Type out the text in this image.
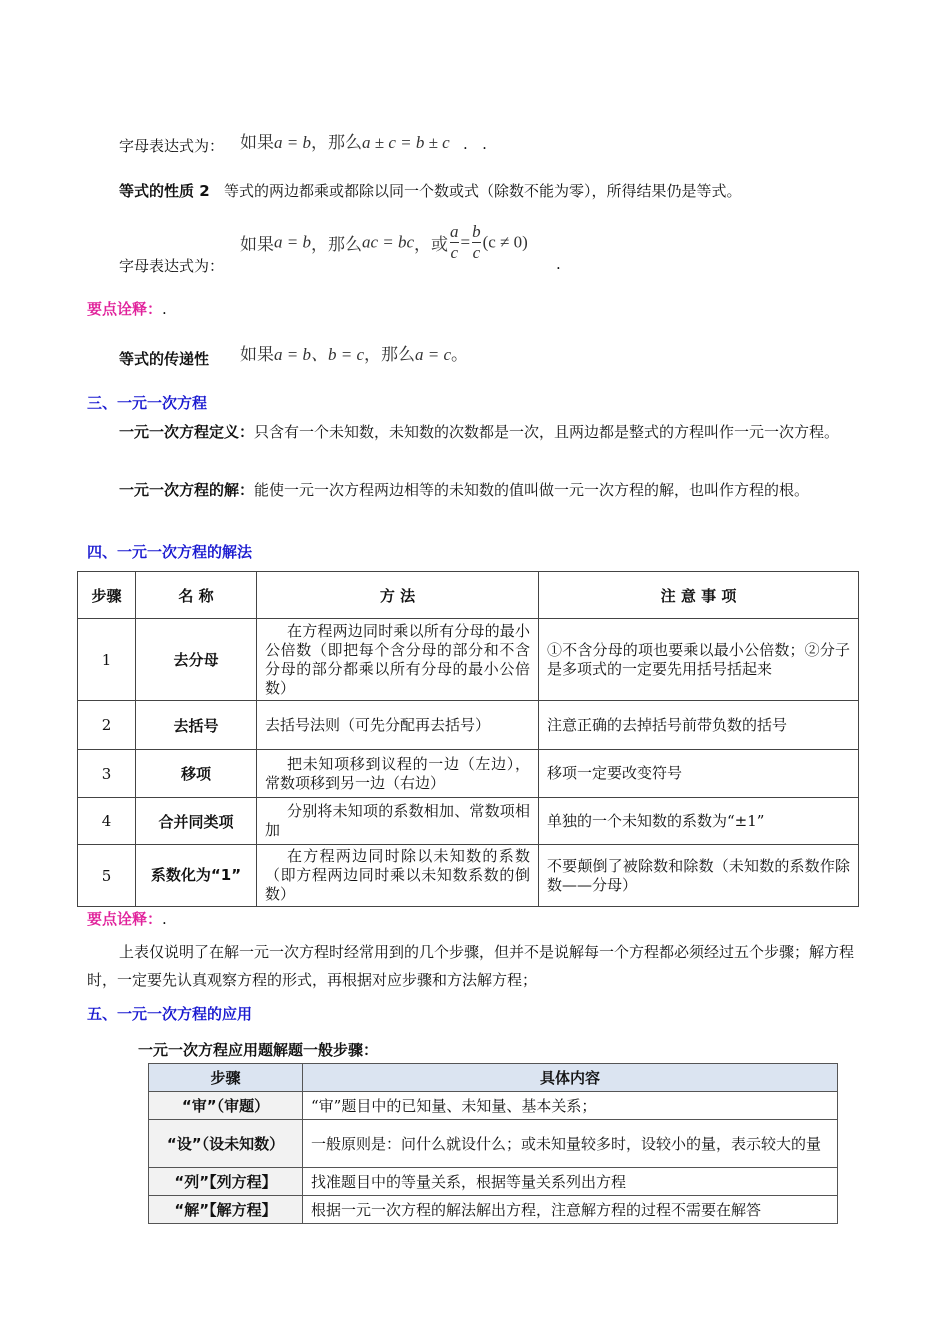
字母表达式为： 如果a = b，那么a ± c = b ± c .   .
等式的性质 2 等式的两边都乘或都除以同一个数或式（除数不能为零），所得结果仍是等式。
如果a = b，那么ac = bc，或 $\frac{a}{c} = \frac{b}{c} (c \ne 0)$
字母表达式为：	.
要点诠释：.
等式的传递性 如果a = b、b = c，那么a = c。
三、一元一次方程
一元一次方程定义：只含有一个未知数，未知数的次数都是一次，且两边都是整式的方程叫作一元一次方程。
一元一次方程的解：能使一元一次方程两边相等的未知数的值叫做一元一次方程的解，也叫作方程的根。
四、一元一次方程的解法
步骤	名 称	方 法	注 意 事 项
1	去分母	在方程两边同时乘以所有分母的最小公倍数（即把每个含分母的部分和不含分母的部分都乘以所有分母的最小公倍数）	①不含分母的项也要乘以最小公倍数；②分子是多项式的一定要先用括号括起来
2	去括号	去括号法则（可先分配再去括号）	注意正确的去掉括号前带负数的括号
3	移项	把未知项移到议程的一边（左边），常数项移到另一边（右边）	移项一定要改变符号
4	合并同类项	分别将未知项的系数相加、常数项相加	单独的一个未知数的系数为“±1”
5	系数化为“1”	在方程两边同时除以未知数的系数（即方程两边同时乘以未知数系数的倒数）	不要颠倒了被除数和除数（未知数的系数作除数——分母）
要点诠释：.
上表仅说明了在解一元一次方程时经常用到的几个步骤，但并不是说解每一个方程都必须经过五个步骤；解方程时，一定要先认真观察方程的形式，再根据对应步骤和方法解方程；
五、一元一次方程的应用
一元一次方程应用题解题一般步骤：
步骤	具体内容
“审”（审题）	“审”题目中的已知量、未知量、基本关系；
“设”（设未知数）	一般原则是：问什么就设什么；或未知量较多时，设较小的量，表示较大的量
“列”【列方程】	找准题目中的等量关系，根据等量关系列出方程
“解”【解方程】	根据一元一次方程的解法解出方程，注意解方程的过程不需要在解答
